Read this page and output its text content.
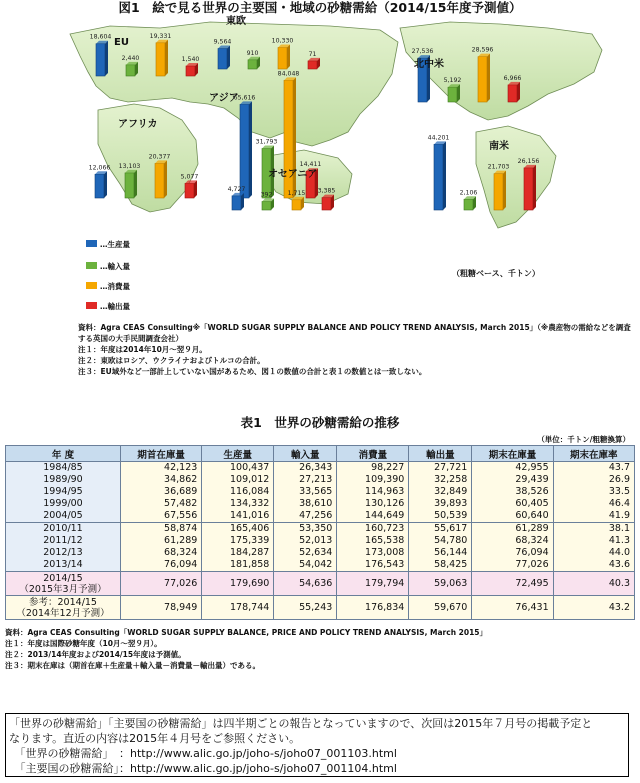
図1　絵で見る世界の主要国・地域の砂糖需給（2014/15年度予測値）
EU
18,604
2,440
19,331
1,540
東欧
9,564
910
10,330
71
アジア
65,616
31,793
84,048
14,411
アフリカ
12,066 13,103
20,377
5,077	オセアニア
4,727
392 1,715 3,385
北中米
27,536
5,192
28,596
6,966
南米
44,201
2,106
21,703
26,156
…生産量
…輸入量
…消費量
…輸出量
（粗糖ベース、千トン）
資料：Agra CEAS Consulting※「WORLD SUGAR SUPPLY BALANCE AND POLICY TREND ANALYSIS, March 2015」（※農産物の需給などを調査する英国の大手民間調査会社）
注１：年度は2014年10月～翌９月。
注２：東欧はロシア、ウクライナおよびトルコの合計。
注３：EU域外など一部計上していない国があるため、図１の数値の合計と表１の数値とは一致しない。
表1　世界の砂糖需給の推移
（単位：千トン/粗糖換算）
年 度	期首在庫量	生産量	輸入量	消費量	輸出量	期末在庫量	期末在庫率
1984/85	42,123	100,437	26,343	98,227	27,721	42,955	43.7
1989/90	34,862	109,012	27,213	109,390	32,258	29,439	26.9
1994/95	36,689	116,084	33,565	114,963	32,849	38,526	33.5
1999/00	57,482	134,332	38,610	130,126	39,893	60,405	46.4
2004/05	67,556	141,016	47,256	144,649	50,539	60,640	41.9
2010/11	58,874	165,406	53,350	160,723	55,617	61,289	38.1
2011/12	61,289	175,339	52,013	165,538	54,780	68,324	41.3
2012/13	68,324	184,287	52,634	173,008	56,144	76,094	44.0
2013/14	76,094	181,858	54,042	176,543	58,425	77,026	43.6

2014/15
（2015年3月予測）	77,026	179,690	54,636	179,794	59,063	72,495	40.3

参考：2014/15
（2014年12月予測）	78,949	178,744	55,243	176,834	59,670	76,431	43.2
資料：Agra CEAS Consulting「WORLD SUGAR SUPPLY BALANCE, PRICE AND POLICY TREND ANALYSIS, March 2015」
注１：年度は国際砂糖年度（10月～翌９月）。
注２：2013/14年度および2014/15年度は予測値。
注３：期末在庫は（期首在庫＋生産量＋輸入量－消費量－輸出量）である。
「世界の砂糖需給」「主要国の砂糖需給」は四半期ごとの報告となっていますので、次回は2015年７月号の掲載予定と
なります。直近の内容は2015年４月号をご参照ください。
　「世界の砂糖需給」　：http://www.alic.go.jp/joho-s/joho07_001103.html
　「主要国の砂糖需給」：http://www.alic.go.jp/joho-s/joho07_001104.html
